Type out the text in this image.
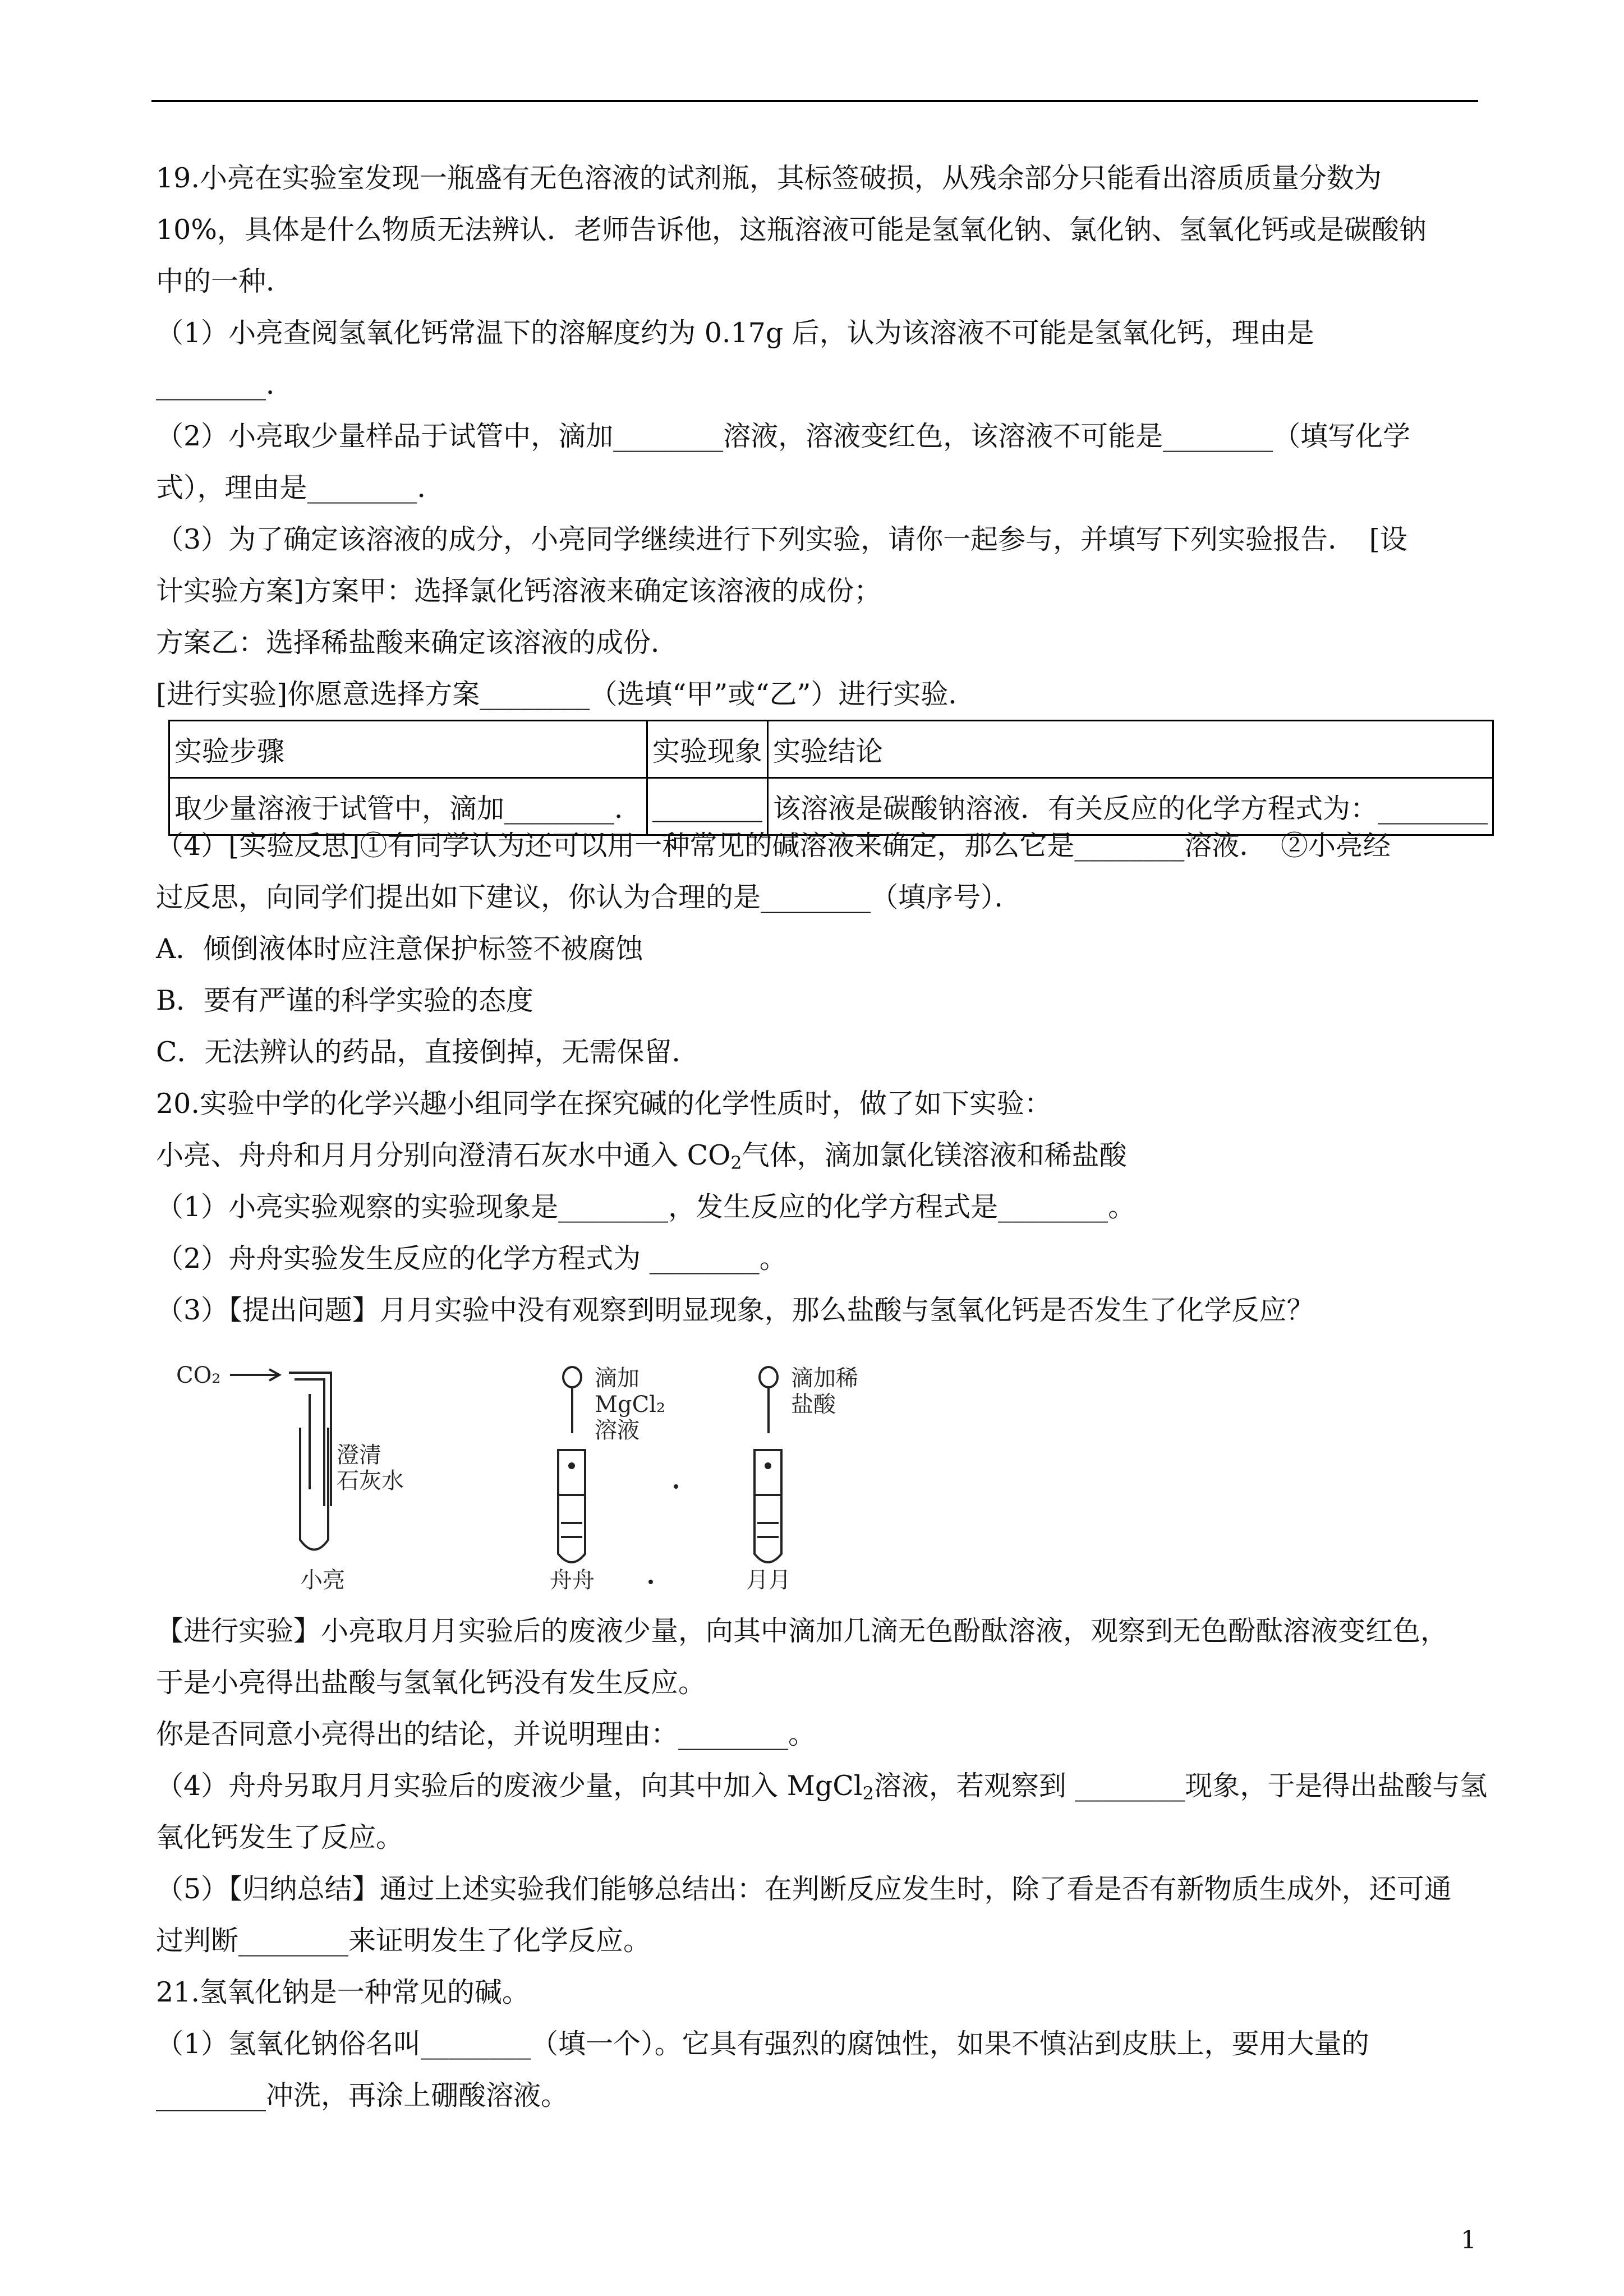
19.小亮在实验室发现一瓶盛有无色溶液的试剂瓶，其标签破损，从残余部分只能看出溶质质量分数为
10%，具体是什么物质无法辨认．老师告诉他，这瓶溶液可能是氢氧化钠、氯化钠、氢氧化钙或是碳酸钠
中的一种．
（1）小亮查阅氢氧化钙常温下的溶解度约为 0.17g 后，认为该溶液不可能是氢氧化钙，理由是
________．
（2）小亮取少量样品于试管中，滴加________溶液，溶液变红色，该溶液不可能是________（填写化学
式），理由是________．
（3）为了确定该溶液的成分，小亮同学继续进行下列实验，请你一起参与，并填写下列实验报告．　[设
计实验方案]方案甲：选择氯化钙溶液来确定该溶液的成份；
方案乙：选择稀盐酸来确定该溶液的成份．
[进行实验]你愿意选择方案________（选填“甲”或“乙”）进行实验．
实验步骤	实验现象	实验结论
取少量溶液于试管中，滴加________．	________	该溶液是碳酸钠溶液．有关反应的化学方程式为：________
（4）[实验反思]①有同学认为还可以用一种常见的碱溶液来确定，那么它是________溶液．　②小亮经
过反思，向同学们提出如下建议，你认为合理的是________（填序号）．
A．倾倒液体时应注意保护标签不被腐蚀
B．要有严谨的科学实验的态度
C．无法辨认的药品，直接倒掉，无需保留．
20.实验中学的化学兴趣小组同学在探究碱的化学性质时，做了如下实验：
小亮、舟舟和月月分别向澄清石灰水中通入 $CO_2$气体，滴加氯化镁溶液和稀盐酸
（1）小亮实验观察的实验现象是________，发生反应的化学方程式是________。
（2）舟舟实验发生反应的化学方程式为 ________。
（3）【提出问题】月月实验中没有观察到明显现象，那么盐酸与氢氧化钙是否发生了化学反应？
CO₂
澄清
石灰水
滴加
MgCl₂
溶液
滴加稀
盐酸
小亮	舟舟	月月
【进行实验】小亮取月月实验后的废液少量，向其中滴加几滴无色酚酞溶液，观察到无色酚酞溶液变红色，
于是小亮得出盐酸与氢氧化钙没有发生反应。
你是否同意小亮得出的结论，并说明理由：________。
（4）舟舟另取月月实验后的废液少量，向其中加入 MgCl$_2$溶液，若观察到 ________现象，于是得出盐酸与氢
氧化钙发生了反应。
（5）【归纳总结】通过上述实验我们能够总结出：在判断反应发生时，除了看是否有新物质生成外，还可通
过判断________来证明发生了化学反应。
21.氢氧化钠是一种常见的碱。
（1）氢氧化钠俗名叫________（填一个）。它具有强烈的腐蚀性，如果不慎沾到皮肤上，要用大量的
________冲洗，再涂上硼酸溶液。
1
